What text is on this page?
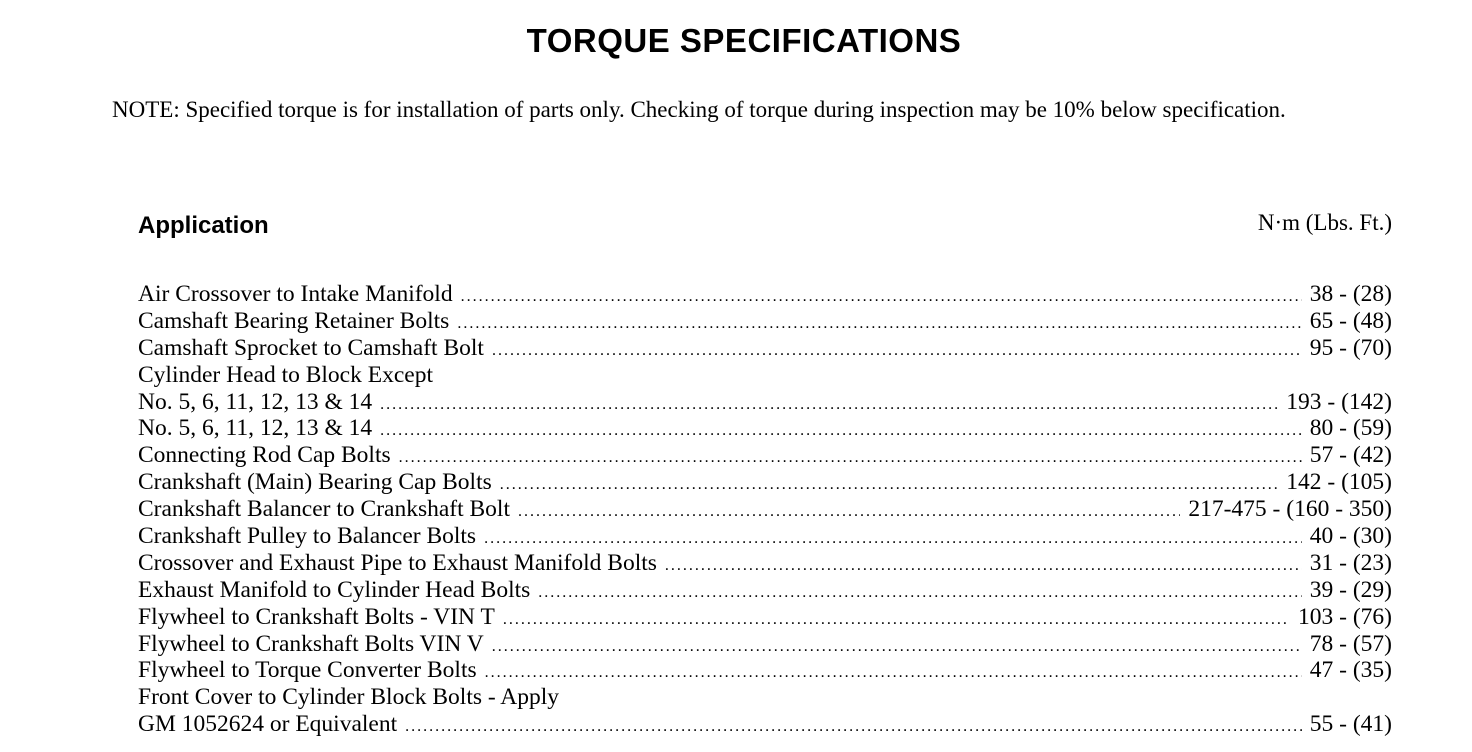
TORQUE SPECIFICATIONS

NOTE: Specified torque is for installation of parts only. Checking of torque during inspection may be 10% below specification.

Application	N·m (Lbs. Ft.)
Air Crossover to Intake Manifold .....	38 - (28)
Camshaft Bearing Retainer Bolts .....	65 - (48)
Camshaft Sprocket to Camshaft Bolt .....	95 - (70)
Cylinder Head to Block Except
No. 5, 6, 11, 12, 13 & 14 .....	193 - (142)
No. 5, 6, 11, 12, 13 & 14 .....	80 - (59)
Connecting Rod Cap Bolts .....	57 - (42)
Crankshaft (Main) Bearing Cap Bolts .....	142 - (105)
Crankshaft Balancer to Crankshaft Bolt .....	217-475 - (160 - 350)
Crankshaft Pulley to Balancer Bolts .....	40 - (30)
Crossover and Exhaust Pipe to Exhaust Manifold Bolts .....	31 - (23)
Exhaust Manifold to Cylinder Head Bolts .....	39 - (29)
Flywheel to Crankshaft Bolts - VIN T .....	103 - (76)
Flywheel to Crankshaft Bolts VIN V .....	78 - (57)
Flywheel to Torque Converter Bolts .....	47 - (35)
Front Cover to Cylinder Block Bolts - Apply
GM 1052624 or Equivalent .....	55 - (41)
